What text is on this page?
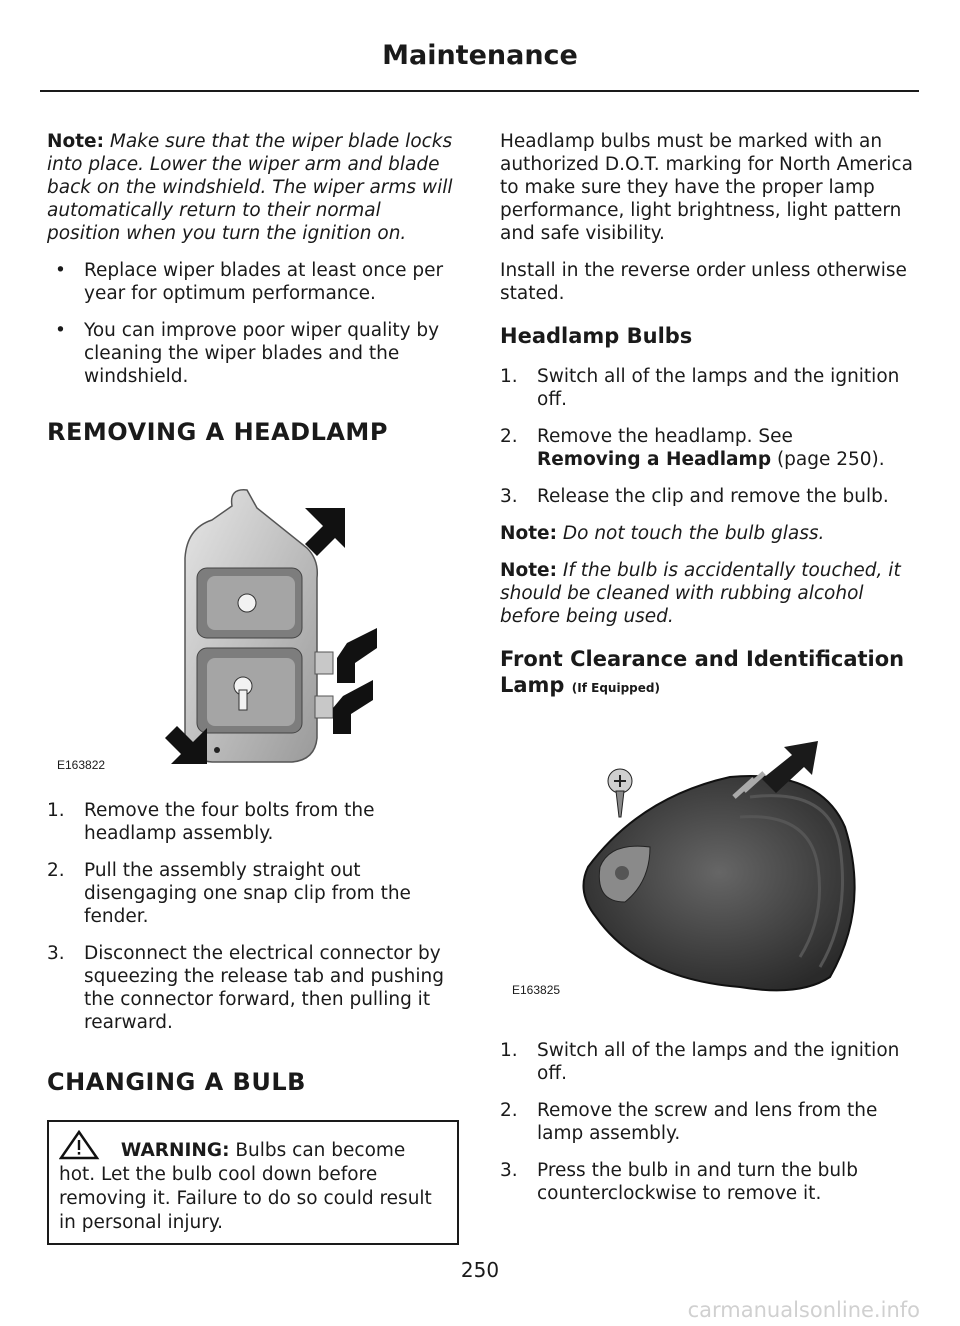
Maintenance

Note: Make sure that the wiper blade locks into place. Lower the wiper arm and blade back on the windshield. The wiper arms will automatically return to their normal position when you turn the ignition on.

• Replace wiper blades at least once per year for optimum performance.
• You can improve poor wiper quality by cleaning the wiper blades and the windshield.
REMOVING A HEADLAMP
E163822
1. Remove the four bolts from the headlamp assembly.
2. Pull the assembly straight out disengaging one snap clip from the fender.
3. Disconnect the electrical connector by squeezing the release tab and pushing the connector forward, then pulling it rearward.
CHANGING A BULB

WARNING: Bulbs can become hot. Let the bulb cool down before removing it. Failure to do so could result in personal injury.

Headlamp bulbs must be marked with an authorized D.O.T. marking for North America to make sure they have the proper lamp performance, light brightness, light pattern and safe visibility.

Install in the reverse order unless otherwise stated.

Headlamp Bulbs
1. Switch all of the lamps and the ignition off.
2. Remove the headlamp. See
Removing a Headlamp (page 250).
3. Release the clip and remove the bulb.

Note: Do not touch the bulb glass.

Note: If the bulb is accidentally touched, it should be cleaned with rubbing alcohol before being used.

Front Clearance and Identification Lamp (If Equipped)
E163825
1. Switch all of the lamps and the ignition off.
2. Remove the screw and lens from the lamp assembly.
3. Press the bulb in and turn the bulb counterclockwise to remove it.
250
carmanualsonline.info
